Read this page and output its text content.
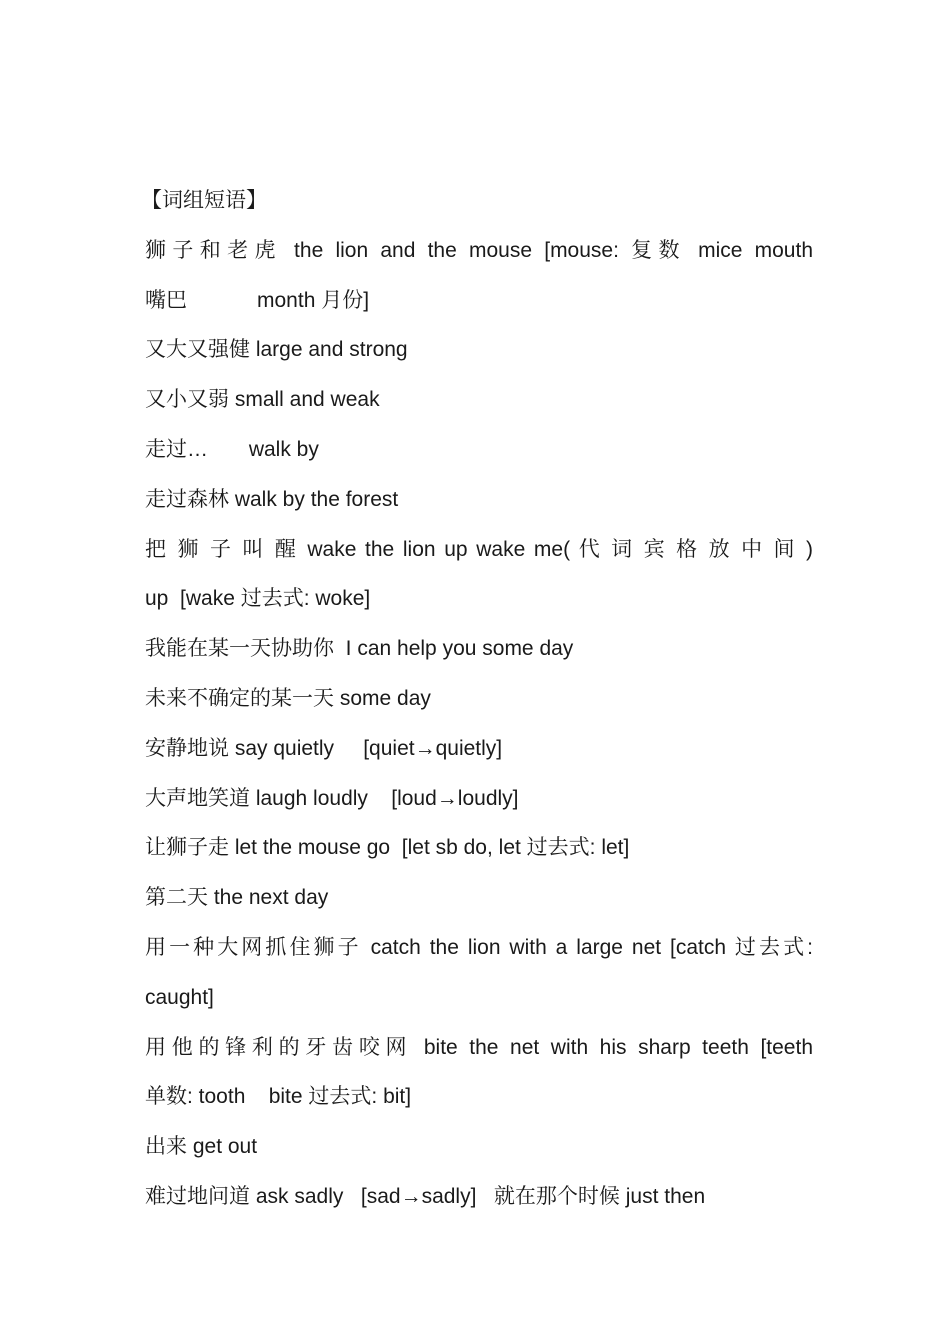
【词组短语】
狮子和老虎 the lion and the mouse [mouse: 复数 mice mouth
嘴巴            month 月份]
又大又强健 large and strong
又小又弱 small and weak
走过…       walk by
走过森林 walk by the forest
把 狮 子 叫 醒 wake the lion up wake me( 代 词 宾 格 放 中 间 )
up  [wake 过去式: woke]
我能在某一天协助你  I can help you some day
未来不确定的某一天 some day
安静地说 say quietly     [quiet→quietly]
大声地笑道 laugh loudly    [loud→loudly]
让狮子走 let the mouse go  [let sb do, let 过去式: let]
第二天 the next day
用一种大网抓住狮子 catch the lion with a large net [catch 过去式:
caught]
用他的锋利的牙齿咬网 bite the net with his sharp teeth [teeth
单数: tooth    bite 过去式: bit]
出来 get out
难过地问道 ask sadly   [sad→sadly]   就在那个时候 just then
